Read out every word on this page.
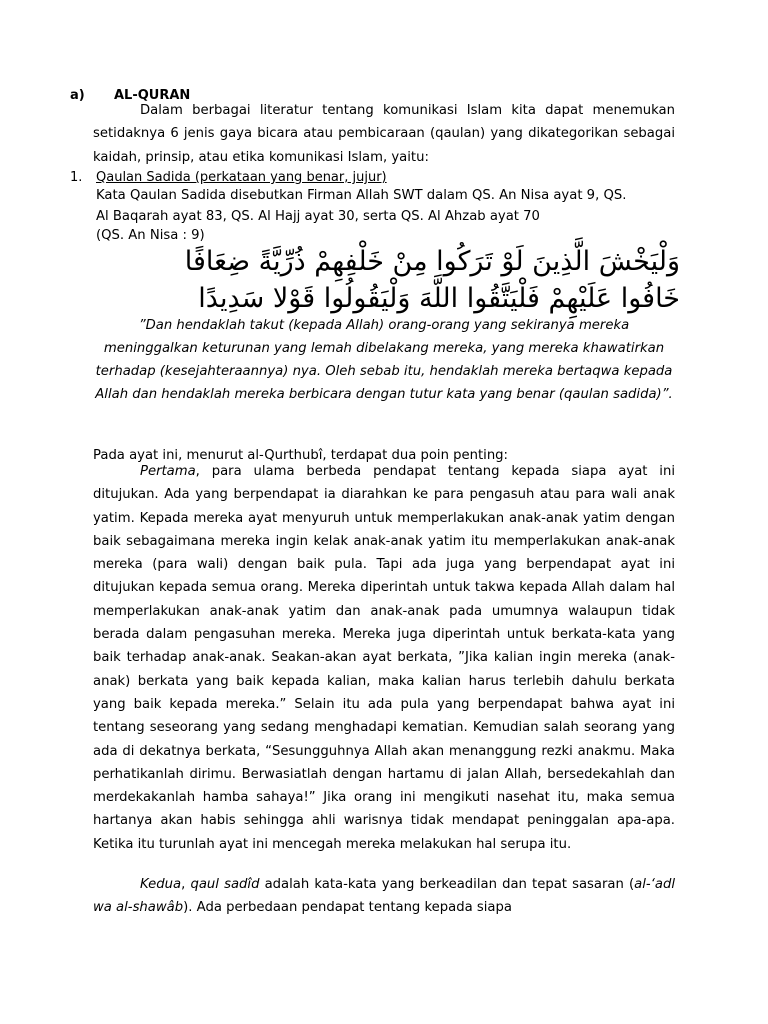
a) AL-QURAN
Dalam berbagai literatur tentang komunikasi Islam kita dapat menemukan setidaknya 6 jenis gaya bicara atau pembicaraan (qaulan) yang dikategorikan sebagai kaidah, prinsip, atau etika komunikasi Islam, yaitu:
1. Qaulan Sadida (perkataan yang benar, jujur)
Kata Qaulan Sadida disebutkan Firman Allah SWT dalam QS. An Nisa ayat 9, QS.
Al Baqarah ayat 83, QS. Al Hajj ayat 30, serta QS. Al Ahzab ayat 70
(QS. An Nisa : 9)
وَلْيَخْشَ الَّذِينَ لَوْ تَرَكُوا مِنْ خَلْفِهِمْ ذُرِّيَّةً ضِعَافًا
خَافُوا عَلَيْهِمْ فَلْيَتَّقُوا اللَّهَ وَلْيَقُولُوا قَوْلا سَدِيدًا
”Dan hendaklah takut (kepada Allah) orang-orang yang sekiranya mereka meninggalkan keturunan yang lemah dibelakang mereka, yang mereka khawatirkan terhadap (kesejahteraannya) nya. Oleh sebab itu, hendaklah mereka bertaqwa kepada Allah dan hendaklah mereka berbicara dengan tutur kata yang benar (qaulan sadida)”.
Pada ayat ini, menurut al-Qurthubî, terdapat dua poin penting:
Pertama, para ulama berbeda pendapat tentang kepada siapa ayat ini ditujukan. Ada yang berpendapat ia diarahkan ke para pengasuh atau para wali anak yatim. Kepada mereka ayat menyuruh untuk memperlakukan anak-anak yatim dengan baik sebagaimana mereka ingin kelak anak-anak yatim itu memperlakukan anak-anak mereka (para wali) dengan baik pula. Tapi ada juga yang berpendapat ayat ini ditujukan kepada semua orang. Mereka diperintah untuk takwa kepada Allah dalam hal memperlakukan anak-anak yatim dan anak-anak pada umumnya walaupun tidak berada dalam pengasuhan mereka. Mereka juga diperintah untuk berkata-kata yang baik terhadap anak-anak. Seakan-akan ayat berkata, ”Jika kalian ingin mereka (anak-anak) berkata yang baik kepada kalian, maka kalian harus terlebih dahulu berkata yang baik kepada mereka.” Selain itu ada pula yang berpendapat bahwa ayat ini tentang seseorang yang sedang menghadapi kematian. Kemudian salah seorang yang ada di dekatnya berkata, “Sesungguhnya Allah akan menanggung rezki anakmu. Maka perhatikanlah dirimu. Berwasiatlah dengan hartamu di jalan Allah, bersedekahlah dan merdekakanlah hamba sahaya!” Jika orang ini mengikuti nasehat itu, maka semua hartanya akan habis sehingga ahli warisnya tidak mendapat peninggalan apa-apa. Ketika itu turunlah ayat ini mencegah mereka melakukan hal serupa itu.
Kedua, qaul sadîd adalah kata-kata yang berkeadilan dan tepat sasaran (al-‘adl wa al-shawâb). Ada perbedaan pendapat tentang kepada siapa
